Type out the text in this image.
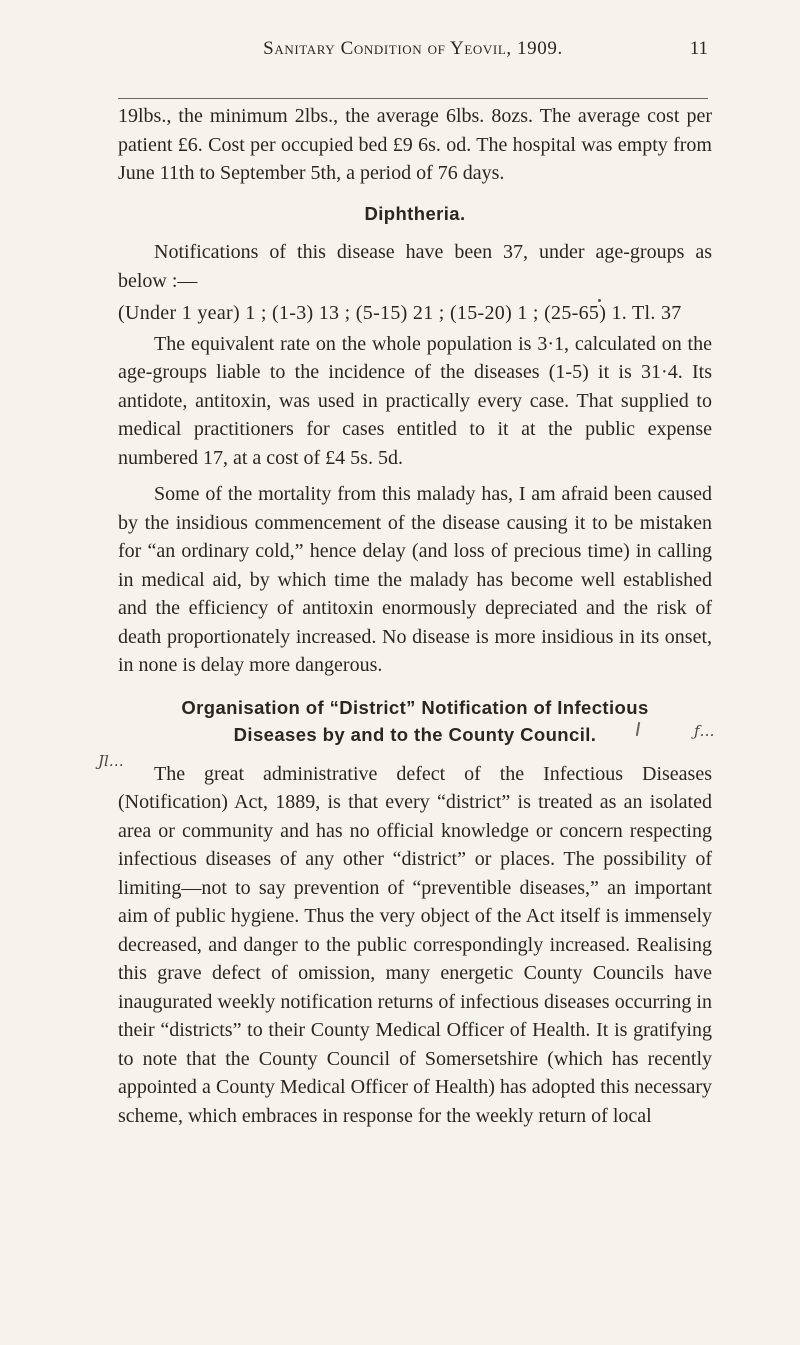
Sanitary Condition of Yeovil, 1909.	11

19lbs., the minimum 2lbs., the average 6lbs. 8ozs. The average cost per patient £6. Cost per occupied bed £9 6s. od. The hospital was empty from June 11th to September 5th, a period of 76 days.

Diphtheria.

Notifications of this disease have been 37, under age-groups as below :—

(Under 1 year) 1 ; (1-3) 13 ; (5-15) 21 ; (15-20) 1 ; (25-65) 1. Tl. 37

The equivalent rate on the whole population is 3·1, calculated on the age-groups liable to the incidence of the diseases (1-5) it is 31·4. Its antidote, antitoxin, was used in practically every case. That supplied to medical practitioners for cases entitled to it at the public expense numbered 17, at a cost of £4 5s. 5d.

Some of the mortality from this malady has, I am afraid been caused by the insidious commencement of the disease causing it to be mistaken for “an ordinary cold,” hence delay (and loss of precious time) in calling in medical aid, by which time the malady has become well established and the efficiency of antitoxin enormously depreciated and the risk of death proportionately increased. No disease is more insidious in its onset, in none is delay more dangerous.

Organisation of “District” Notification of Infectious
Diseases by and to the County Council.

The great administrative defect of the Infectious Diseases (Notification) Act, 1889, is that every “district” is treated as an isolated area or community and has no official knowledge or concern respecting infectious diseases of any other “district” or places. The possibility of limiting—not to say prevention of “preventible diseases,” an important aim of public hygiene. Thus the very object of the Act itself is immensely decreased, and danger to the public correspondingly increased. Realising this grave defect of omission, many energetic County Councils have inaugurated weekly notification returns of infectious diseases occurring in their “districts” to their County Medical Officer of Health. It is gratifying to note that the County Council of Somersetshire (which has recently appointed a County Medical Officer of Health) has adopted this necessary scheme, which embraces in response for the weekly return of local

Jl…
ƒ…
